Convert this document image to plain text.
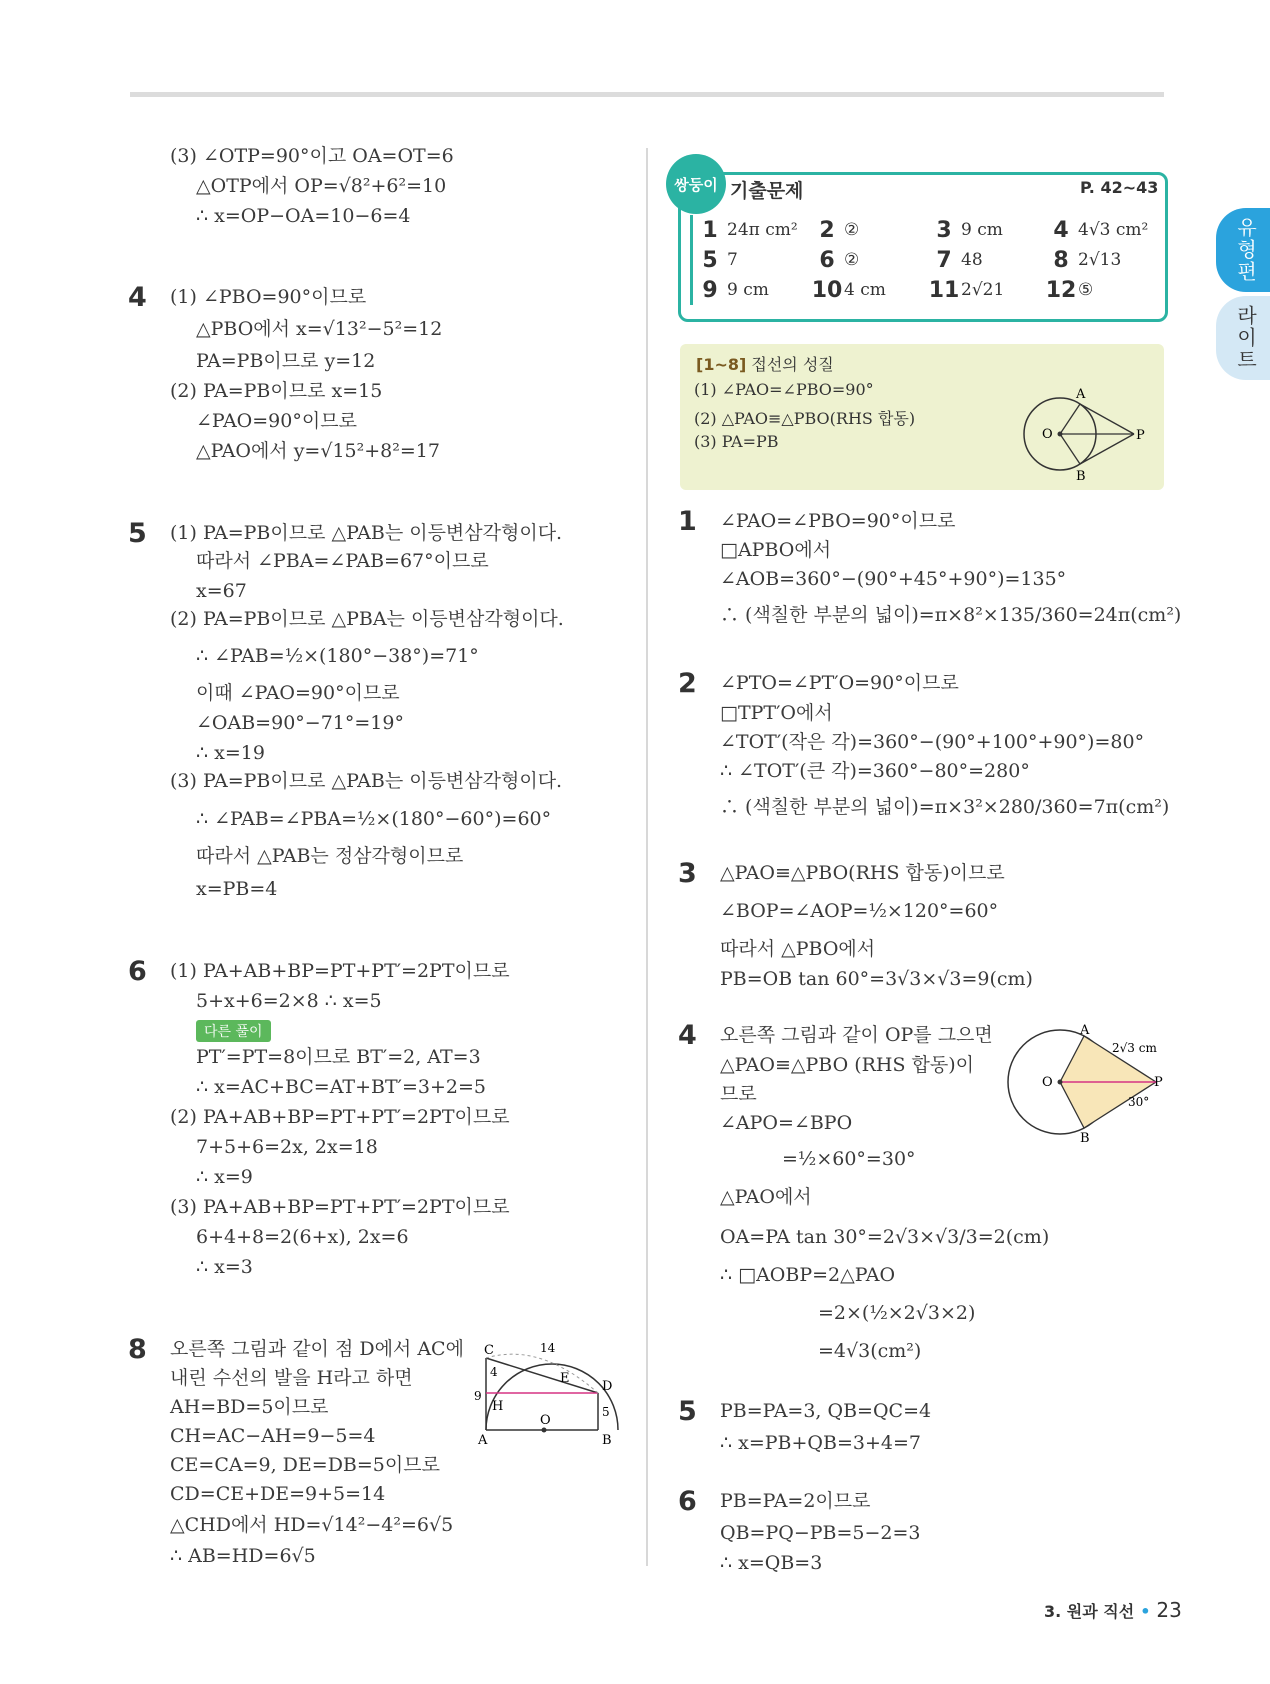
(3) ∠OTP=90°이고 OA=OT=6
△OTP에서 OP=√8²+6²=10
∴ x=OP−OA=10−6=4
4 (1) ∠PBO=90°이므로
△PBO에서 x=√13²−5²=12
PA=PB이므로 y=12
(2) PA=PB이므로 x=15
∠PAO=90°이므로
△PAO에서 y=√15²+8²=17
5 (1) PA=PB이므로 △PAB는 이등변삼각형이다.
따라서 ∠PBA=∠PAB=67°이므로
x=67
(2) PA=PB이므로 △PBA는 이등변삼각형이다.
∴ ∠PAB=½×(180°−38°)=71°
이때 ∠PAO=90°이므로
∠OAB=90°−71°=19°
∴ x=19
(3) PA=PB이므로 △PAB는 이등변삼각형이다.
∴ ∠PAB=∠PBA=½×(180°−60°)=60°
따라서 △PAB는 정삼각형이므로
x=PB=4
6 (1) PA+AB+BP=PT+PT′=2PT이므로
5+x+6=2×8 ∴ x=5
다른 풀이
PT′=PT=8이므로 BT′=2, AT=3
∴ x=AC+BC=AT+BT′=3+2=5
(2) PA+AB+BP=PT+PT′=2PT이므로
7+5+6=2x, 2x=18
∴ x=9
(3) PA+AB+BP=PT+PT′=2PT이므로
6+4+8=2(6+x), 2x=6
∴ x=3
8 오른쪽 그림과 같이 점 D에서 AC에
내린 수선의 발을 H라고 하면
AH=BD=5이므로
CH=AC−AH=9−5=4
CE=CA=9, DE=DB=5이므로
CD=CE+DE=9+5=14
△CHD에서 HD=√14²−4²=6√5
∴ AB=HD=6√5
C	14
E
D
4
9
H
O
5
A	B
쌍둥이 기출문제	P. 42~43
1 24π cm² 2 ②	3 9 cm	4 4√3 cm²
5 7	6 ②	7 48	8 2√13
9 9 cm 10 4 cm 11 2√21 12 ⑤
[1~8] 접선의 성질
(1) ∠PAO=∠PBO=90°
(2) △PAO≡△PBO(RHS 합동)
(3) PA=PB
A
O	P
B
1 ∠PAO=∠PBO=90°이므로
□APBO에서
∠AOB=360°−(90°+45°+90°)=135°
∴ (색칠한 부분의 넓이)=π×8²×135/360=24π(cm²)
2 ∠PTO=∠PT′O=90°이므로
□TPT′O에서
∠TOT′(작은 각)=360°−(90°+100°+90°)=80°
∴ ∠TOT′(큰 각)=360°−80°=280°
∴ (색칠한 부분의 넓이)=π×3²×280/360=7π(cm²)
3 △PAO≡△PBO(RHS 합동)이므로
∠BOP=∠AOP=½×120°=60°
따라서 △PBO에서
PB=OB tan 60°=3√3×√3=9(cm)
4 오른쪽 그림과 같이 OP를 그으면
△PAO≡△PBO (RHS 합동)이
므로
∠APO=∠BPO
=½×60°=30°
△PAO에서
OA=PA tan 30°=2√3×√3/3=2(cm)
∴ □AOBP=2△PAO
=2×(½×2√3×2)
=4√3(cm²)
A
2√3 cm
O	P
30°
B
5 PB=PA=3, QB=QC=4
∴ x=PB+QB=3+4=7
6 PB=PA=2이므로
QB=PQ−PB=5−2=3
∴ x=QB=3
유형편
라이트
3. 원과 직선 • 23
